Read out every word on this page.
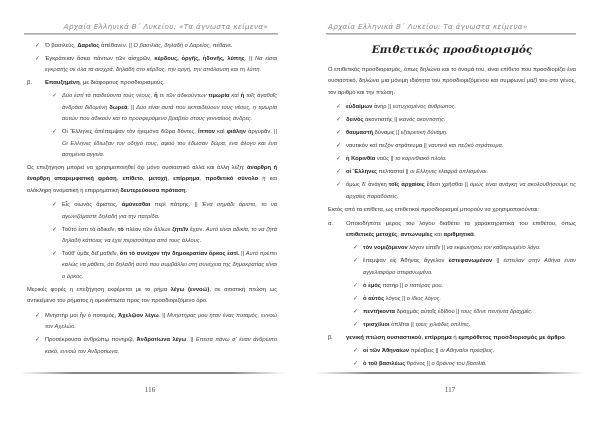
Αρχαία Ελληνικά Β΄ Λυκείου: «Τα άγνωστα κείμενα»
✓ Ὁ βασιλεύς, Δαρεῖος ἀπέθανεν. || Ο βασιλιάς, δηλαδή ο Δαρείος, πέθανε.
✓ Ἐγκράτειαν ἄσκει πάντων τῶν αἰσχρῶν, κέρδους, ὀργῆς, ἡδονῆς, λύπης. || Να είσαι εγκρατής σε όλα τα αισχρά, δηλαδή στο κέρδος, την οργή, την απόλαυση και τη λύπη.
β. Επαυξημένη, με διάφορους προσδιορισμούς.
✓ Δύο ἐστὶ τὰ παιδεύοντα τοὺς νέους, ἥ τε τῶν ἀδικούντων τιμωρία καὶ ἡ τοῖς ἀγαθοῖς ἀνδράσι διδομένη δωρεά. || Δύο είναι αυτά που εκπαιδεύουν τους νέους, η τιμωρία αυτών που αδικούν και το προσφερόμενο βραβείο στους γενναίους άνδρες.
✓ Οἱ Ἕλληνες ἀπέπεμψαν τὸν ἡγεμόνα δῶρα δόντες, ἵππον καὶ φιάλην ἀργυρᾶν. || Οι Ελληνες έδιωξαν τον οδηγό τους, αφού του έδωσαν δώρα, ένα άλογο και ένα ασημένια αγγεία.
Ως επεξήγηση μπορεί να χρησιμοποιηθεί όχι μόνο ουσιαστικό αλλά και άλλη λέξη: άναρθρη ή έναρθρη απαρεμφατική φράση, επίθετο, μετοχή, επίρρημα, προθετικό σύνολο ή και ολόκληρη ονοματική ή επιρρηματική δευτερεύουσα πρόταση.
✓ Εἷς οἰωνὸς ἄριστος, ἀμύνεσθαι περὶ πάτρης. || Ένα σημάδι άριστο, το να αγωνιζόμαστε δηλαδή για την πατρίδα.
✓ Τοῦτό ἐστι τὸ ἀδικεῖν, τὸ πλέον τῶν ἄλλων ζητεῖν ἔχειν. Αυτό είναι αδικία, το να ζητά δηλαδή κάποιος να έχει περισσότερα από τους άλλους.
✓ Τοῦθ' ὑμᾶς δεῖ μαθεῖν, ὅτι τὸ συνέχον τὴν δημοκρατίαν ὅρκος ἐστί. || Αυτό πρέπει καλώς να μάθετε, ότι δηλαδή αυτό που συμβάλλει στη συνέχεια της δημοκρατίας είναι ο όρκος.
Μερικές φορές η επεξήγηση εκφέρεται με το ρήμα λέγω (εννοώ), σε αιτιατική πτώση ως αντικείμενο του ρήματος ή ομοιόπτωτα προς τον προσδιοριζόμενο όρο.
✓ Μνηστὴρ μοι ἦν ὁ ποταμός, Ἀχελῷον λέγω. || Μνηστήρας μου ήταν ένας ποταμός, εννοώ τον Αχελώο.
✓ Προσέκρουσα ἀνθρώπῳ πονηρῷ, Ἀνδροτίωνα λέγω. || Επεσα πάνω σ' έναν άνθρωπο κακό, εννοώ τον Ανδροτίωνα.
116
Αρχαία Ελληνικά Β΄ Λυκείου: Τα άγνωστα κείμενα»
Επιθετικός προσδιορισμός
Ο επιθετικός προσδιορισμός, όπως δηλώνει και το όνομά του, είναι επίθετο που προσδιορίζει ένα ουσιαστικό, δηλώνει μια μόνιμη ιδιότητα του προσδιοριζόμενου και συμφωνεί μαζί του στο γένος, τον αριθμό και την πτώση.
✓ εὐδαίμων ἀνήρ || ευτυχισμένος άνθρωπος.
✓ δεινὸς ἀκοντιστής || ικανός ακοντιστής.
✓ θαυμαστὴ δύναμις || εξαιρετική δύναμη.
✓ ναυτικὸν καὶ πεζὸν στράτευμα || ναυτικό και πεζικό στράτευμα.
✓ ἡ Κορινθία ναῦς || το κορινθιακό πλοίο.
✓ οἱ Ἕλληνες πελτασταί || οι Ελληνες ελαφρά οπλισμένοι.
✓ ὅμως δ' ἀνάγκη τοῖς ἀρχαίοις ἔθεσι χρῆσθαι || όμως είναι ανάγκη να ακολουθήσουμε τις αρχαίες παραδόσεις.
Εκτός από τα επίθετα, ως επιθετικοί προσδιορισμοί μπορούν να χρησιμοποιούνται:
α. Οποιοδήποτε μέρος του λόγου διαθέτει τα χαρακτηριστικά του επιθέτου, όπως επιθετικές μετοχές, αντωνυμίες και αριθμητικά.
✓ τὸν νομιζόμενον λόγον εἰπεῖν || να εκφωνήσω τον καθιερωμένο λόγο.
✓ ἔπεμψαν εἰς Ἀθήνας ἄγγελον ἐστεφανωμένον || έστειλαν στην Αθήνα έναν αγγελιαφόρο στεφανωμένο.
✓ ὁ ἐμὸς πατήρ || ο πατέρας μου.
✓ ὁ αὐτὸς λόγος || ο ίδιος λόγος.
✓ πεντήκοντα δραχμὰς αὐτοῖς ἐδίδου || τους έδινε πενήντα δραχμές.
✓ τρισχίλιοι ὁπλῖται || τρεις χιλιάδες οπλίτες.
β. γενική πτώση ουσιαστικού, επίρρημα ή εμπρόθετος προσδιορισμός με άρθρο.
✓ οἱ τῶν Ἀθηναίων πρέσβεις || οι Αθηναίοι πρέσβεις.
✓ ὁ τοῦ βασιλέως θρόνος || ο θρόνος του βασιλιά.
117
